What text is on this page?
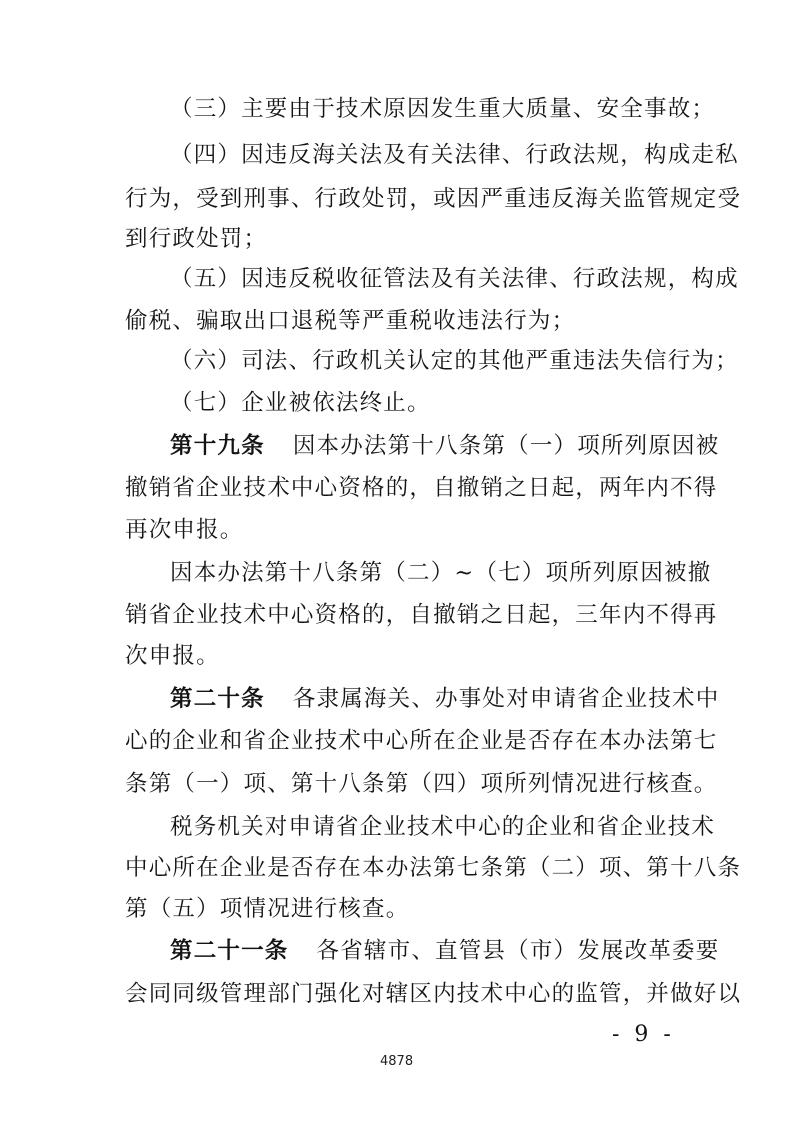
（三）主要由于技术原因发生重大质量、安全事故；
（四）因违反海关法及有关法律、行政法规，构成走私
行为，受到刑事、行政处罚，或因严重违反海关监管规定受
到行政处罚；
（五）因违反税收征管法及有关法律、行政法规，构成
偷税、骗取出口退税等严重税收违法行为；
（六）司法、行政机关认定的其他严重违法失信行为；
（七）企业被依法终止。
第十九条 因本办法第十八条第（一）项所列原因被
撤销省企业技术中心资格的，自撤销之日起，两年内不得
再次申报。
因本办法第十八条第（二）~（七）项所列原因被撤
销省企业技术中心资格的，自撤销之日起，三年内不得再
次申报。
第二十条 各隶属海关、办事处对申请省企业技术中
心的企业和省企业技术中心所在企业是否存在本办法第七
条第（一）项、第十八条第（四）项所列情况进行核查。
税务机关对申请省企业技术中心的企业和省企业技术
中心所在企业是否存在本办法第七条第（二）项、第十八条
第（五）项情况进行核查。
第二十一条 各省辖市、直管县（市）发展改革委要
会同同级管理部门强化对辖区内技术中心的监管，并做好以
- 9 -
4878
